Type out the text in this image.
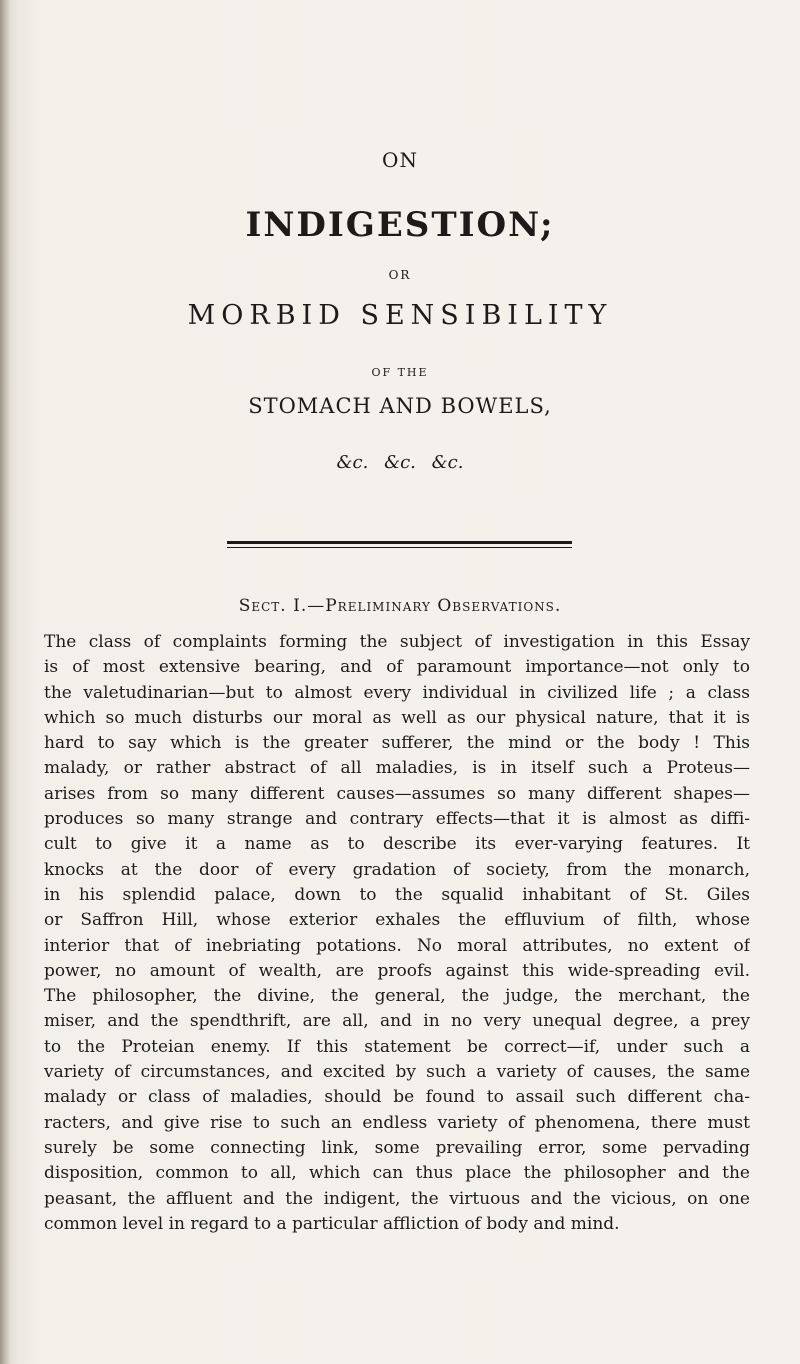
ON

INDIGESTION;

OR

MORBID SENSIBILITY

OF THE

STOMACH AND BOWELS,

&c. &c. &c.

Sect. I.—Preliminary Observations.

The class of complaints forming the subject of investigation in this Essay
is of most extensive bearing, and of paramount importance—not only to
the valetudinarian—but to almost every individual in civilized life ; a class
which so much disturbs our moral as well as our physical nature, that it is
hard to say which is the greater sufferer, the mind or the body ! This
malady, or rather abstract of all maladies, is in itself such a Proteus—
arises from so many different causes—assumes so many different shapes—
produces so many strange and contrary effects—that it is almost as diffi-
cult to give it a name as to describe its ever-varying features. It
knocks at the door of every gradation of society, from the monarch,
in his splendid palace, down to the squalid inhabitant of St. Giles
or Saffron Hill, whose exterior exhales the effluvium of filth, whose
interior that of inebriating potations. No moral attributes, no extent of
power, no amount of wealth, are proofs against this wide-spreading evil.
The philosopher, the divine, the general, the judge, the merchant, the
miser, and the spendthrift, are all, and in no very unequal degree, a prey
to the Proteian enemy. If this statement be correct—if, under such a
variety of circumstances, and excited by such a variety of causes, the same
malady or class of maladies, should be found to assail such different cha-
racters, and give rise to such an endless variety of phenomena, there must
surely be some connecting link, some prevailing error, some pervading
disposition, common to all, which can thus place the philosopher and the
peasant, the affluent and the indigent, the virtuous and the vicious, on one
common level in regard to a particular affliction of body and mind.
